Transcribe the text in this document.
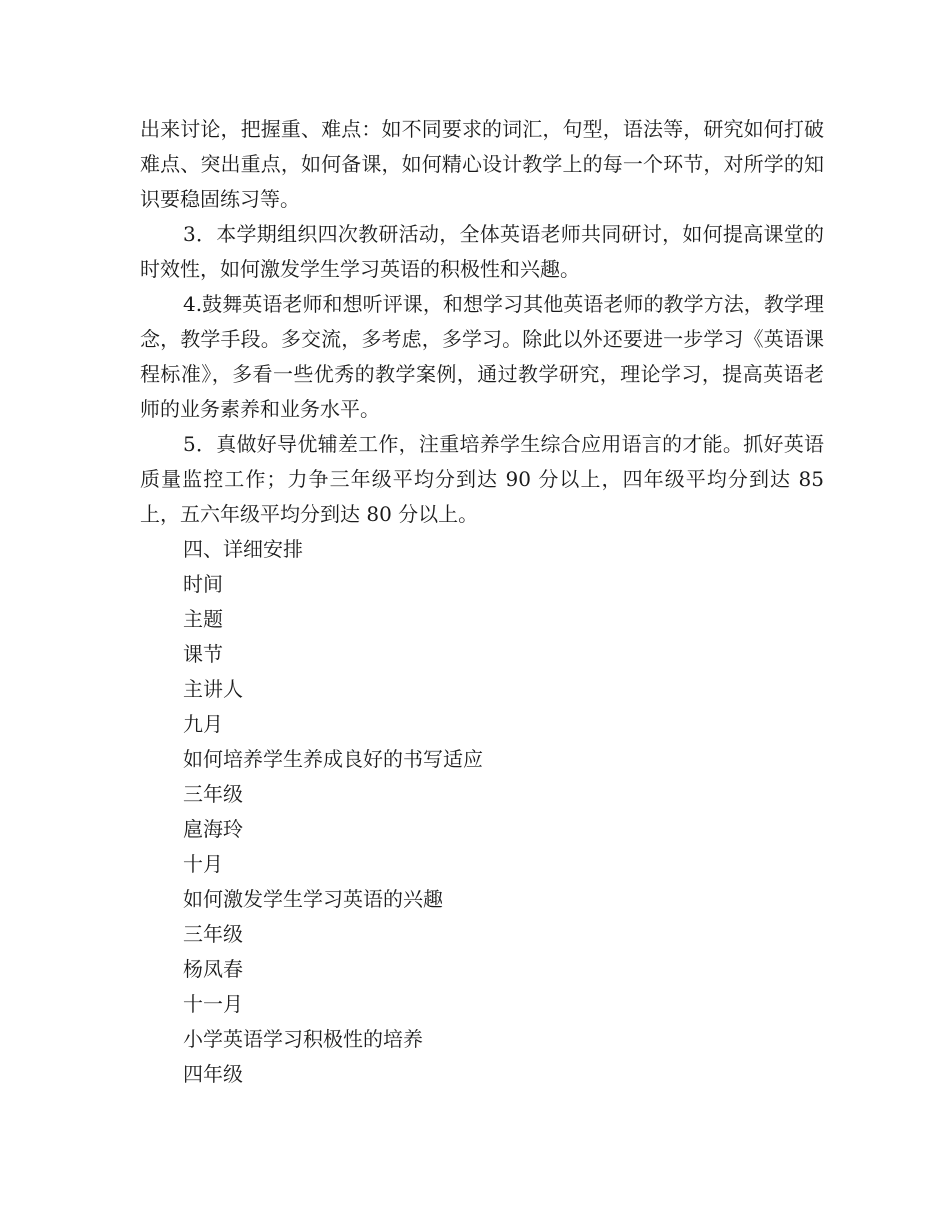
出来讨论，把握重、难点：如不同要求的词汇，句型，语法等，研究如何打破难点、突出重点，如何备课，如何精心设计教学上的每一个环节，对所学的知识要稳固练习等。

3．本学期组织四次教研活动，全体英语老师共同研讨，如何提高课堂的时效性，如何激发学生学习英语的积极性和兴趣。

4.鼓舞英语老师和想听评课，和想学习其他英语老师的教学方法，教学理念，教学手段。多交流，多考虑，多学习。除此以外还要进一步学习《英语课程标准》，多看一些优秀的教学案例，通过教学研究，理论学习，提高英语老师的业务素养和业务水平。

5．真做好导优辅差工作，注重培养学生综合应用语言的才能。抓好英语质量监控工作；力争三年级平均分到达 90 分以上，四年级平均分到达 85 上，五六年级平均分到达 80 分以上。

四、详细安排

时间
主题
课节
主讲人
九月
如何培养学生养成良好的书写适应
三年级
扈海玲
十月
如何激发学生学习英语的兴趣
三年级
杨凤春
十一月
小学英语学习积极性的培养
四年级
